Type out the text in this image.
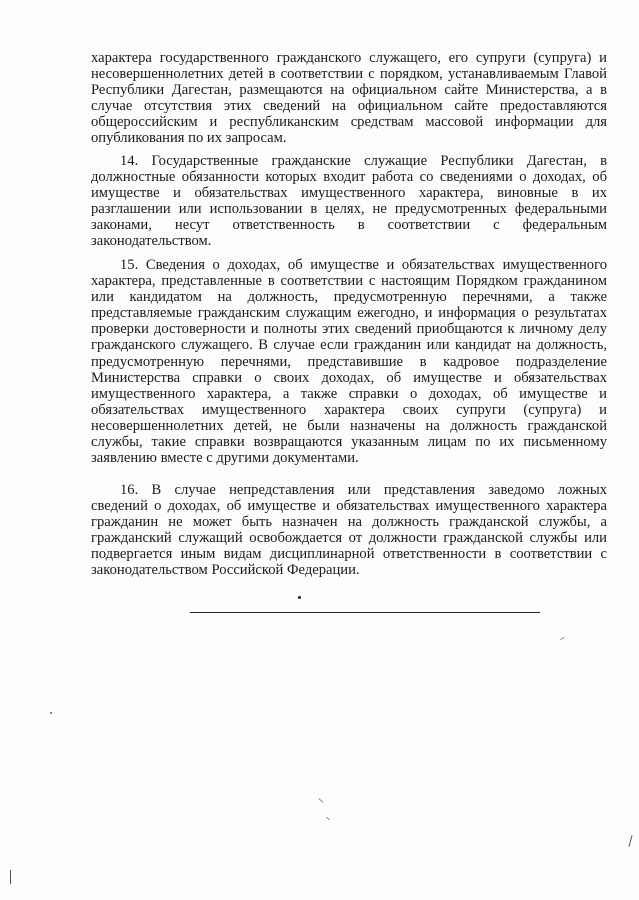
характера государственного гражданского служащего, его супруги (супруга) и
несовершеннолетних детей в соответствии с порядком, устанавливаемым Главой
Республики Дагестан, размещаются на официальном сайте Министерства, а в
случае отсутствия этих сведений на официальном сайте предоставляются
общероссийским и республиканским средствам массовой информации для
опубликования по их запросам.
14. Государственные гражданские служащие Республики Дагестан, в
должностные обязанности которых входит работа со сведениями о доходах, об
имуществе и обязательствах имущественного характера, виновные в их
разглашении или использовании в целях, не предусмотренных федеральными
законами, несут ответственность в соответствии с федеральным
законодательством.
15. Сведения о доходах, об имуществе и обязательствах имущественного
характера, представленные в соответствии с настоящим Порядком гражданином
или кандидатом на должность, предусмотренную перечнями, а также
представляемые гражданским служащим ежегодно, и информация о результатах
проверки достоверности и полноты этих сведений приобщаются к личному делу
гражданского служащего. В случае если гражданин или кандидат на должность,
предусмотренную перечнями, представившие в кадровое подразделение
Министерства справки о своих доходах, об имуществе и обязательствах
имущественного характера, а также справки о доходах, об имуществе и
обязательствах имущественного характера своих супруги (супруга) и
несовершеннолетних детей, не были назначены на должность гражданской
службы, такие справки возвращаются указанным лицам по их письменному
заявлению вместе с другими документами.
16. В случае непредставления или представления заведомо ложных
сведений о доходах, об имуществе и обязательствах имущественного характера
гражданин не может быть назначен на должность гражданской службы, а
гражданский служащий освобождается от должности гражданской службы или
подвергается иным видам дисциплинарной ответственности в соответствии с
законодательством Российской Федерации.
